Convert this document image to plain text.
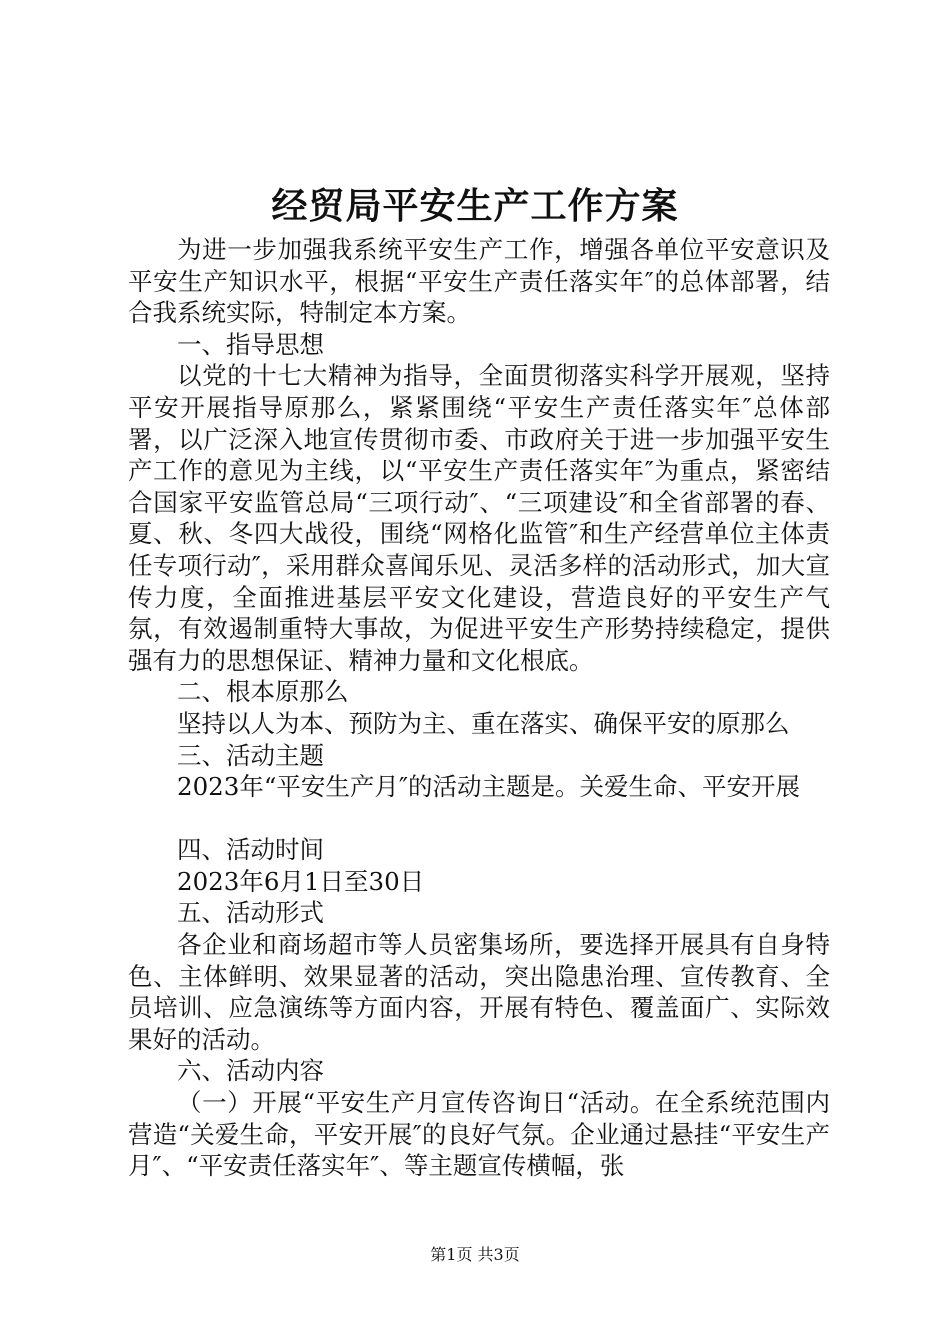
经贸局平安生产工作方案

为进一步加强我系统平安生产工作，增强各单位平安意识及平安生产知识水平，根据“平安生产责任落实年″的总体部署，结合我系统实际，特制定本方案。

一、指导思想

以党的十七大精神为指导，全面贯彻落实科学开展观，坚持平安开展指导原那么，紧紧围绕“平安生产责任落实年″总体部署，以广泛深入地宣传贯彻市委、市政府关于进一步加强平安生产工作的意见为主线，以“平安生产责任落实年″为重点，紧密结合国家平安监管总局“三项行动″、“三项建设″和全省部署的春、夏、秋、冬四大战役，围绕“网格化监管″和生产经营单位主体责任专项行动″，采用群众喜闻乐见、灵活多样的活动形式，加大宣传力度，全面推进基层平安文化建设，营造良好的平安生产气氛，有效遏制重特大事故，为促进平安生产形势持续稳定，提供强有力的思想保证、精神力量和文化根底。

二、根本原那么

坚持以人为本、预防为主、重在落实、确保平安的原那么

三、活动主题

2023年“平安生产月″的活动主题是。关爱生命、平安开展

四、活动时间

2023年6月1日至30日

五、活动形式

各企业和商场超市等人员密集场所，要选择开展具有自身特色、主体鲜明、效果显著的活动，突出隐患治理、宣传教育、全员培训、应急演练等方面内容，开展有特色、覆盖面广、实际效果好的活动。

六、活动内容

（一）开展“平安生产月宣传咨询日“活动。在全系统范围内营造“关爱生命，平安开展″的良好气氛。企业通过悬挂“平安生产月″、“平安责任落实年″、等主题宣传横幅，张

第1页 共3页
